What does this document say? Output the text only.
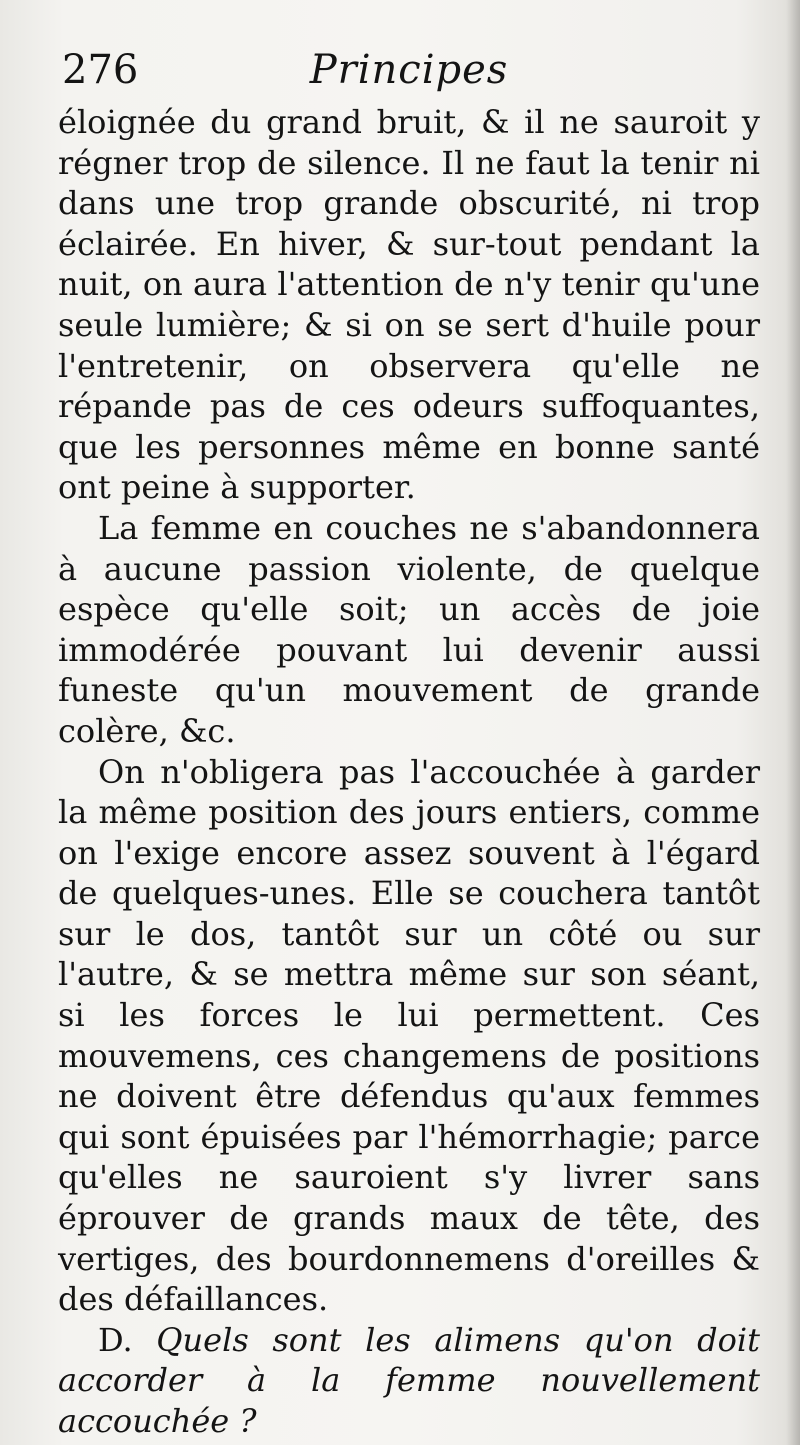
276	Principes

éloignée du grand bruit, & il ne sauroit y régner trop de silence. Il ne faut la tenir ni dans une trop grande obscurité, ni trop éclairée. En hiver, & sur-tout pendant la nuit, on aura l'attention de n'y tenir qu'une seule lumière; & si on se sert d'huile pour l'entretenir, on observera qu'elle ne répande pas de ces odeurs suffoquantes, que les personnes même en bonne santé ont peine à supporter.

La femme en couches ne s'abandonnera à aucune passion violente, de quelque espèce qu'elle soit; un accès de joie immodérée pouvant lui devenir aussi funeste qu'un mouvement de grande colère, &c.

On n'obligera pas l'accouchée à garder la même position des jours entiers, comme on l'exige encore assez souvent à l'égard de quelques-unes. Elle se couchera tantôt sur le dos, tantôt sur un côté ou sur l'autre, & se mettra même sur son séant, si les forces le lui permettent. Ces mouvemens, ces changemens de positions ne doivent être défendus qu'aux femmes qui sont épuisées par l'hémorrhagie; parce qu'elles ne sauroient s'y livrer sans éprouver de grands maux de tête, des vertiges, des bourdonnemens d'oreilles & des défaillances.

D. Quels sont les alimens qu'on doit accorder à la femme nouvellement accouchée ?
